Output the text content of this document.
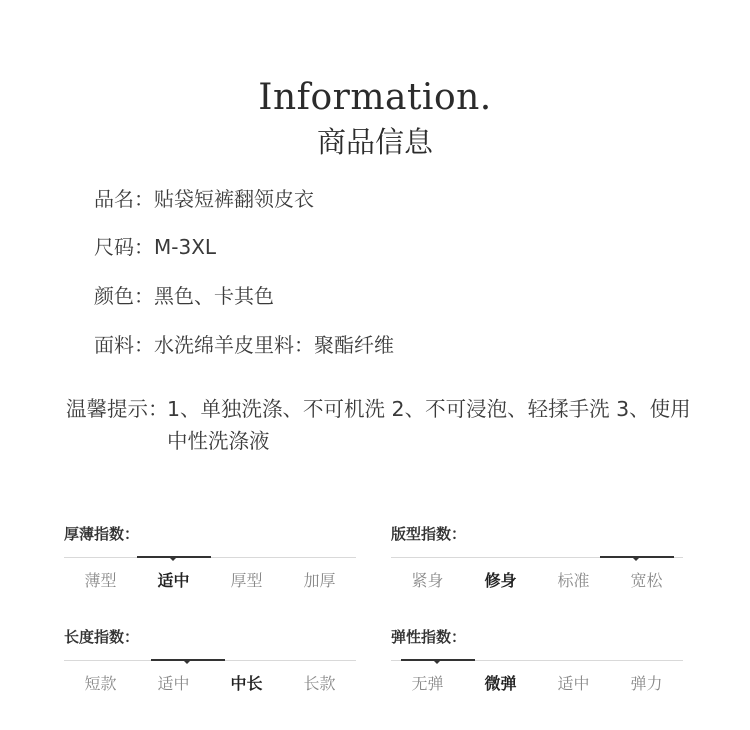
Information.
商品信息
品名：贴袋短裤翻领皮衣
尺码：M-3XL
颜色：黑色、卡其色
面料：水洗绵羊皮里料：聚酯纤维
温馨提示：
1、单独洗涤、不可机洗 2、不可浸泡、轻揉手洗 3、使用中性洗涤液
厚薄指数：
薄型	适中	厚型	加厚
版型指数：
紧身	修身	标准	宽松
长度指数：
短款	适中	中长	长款
弹性指数：
无弹	微弹	适中	弹力
